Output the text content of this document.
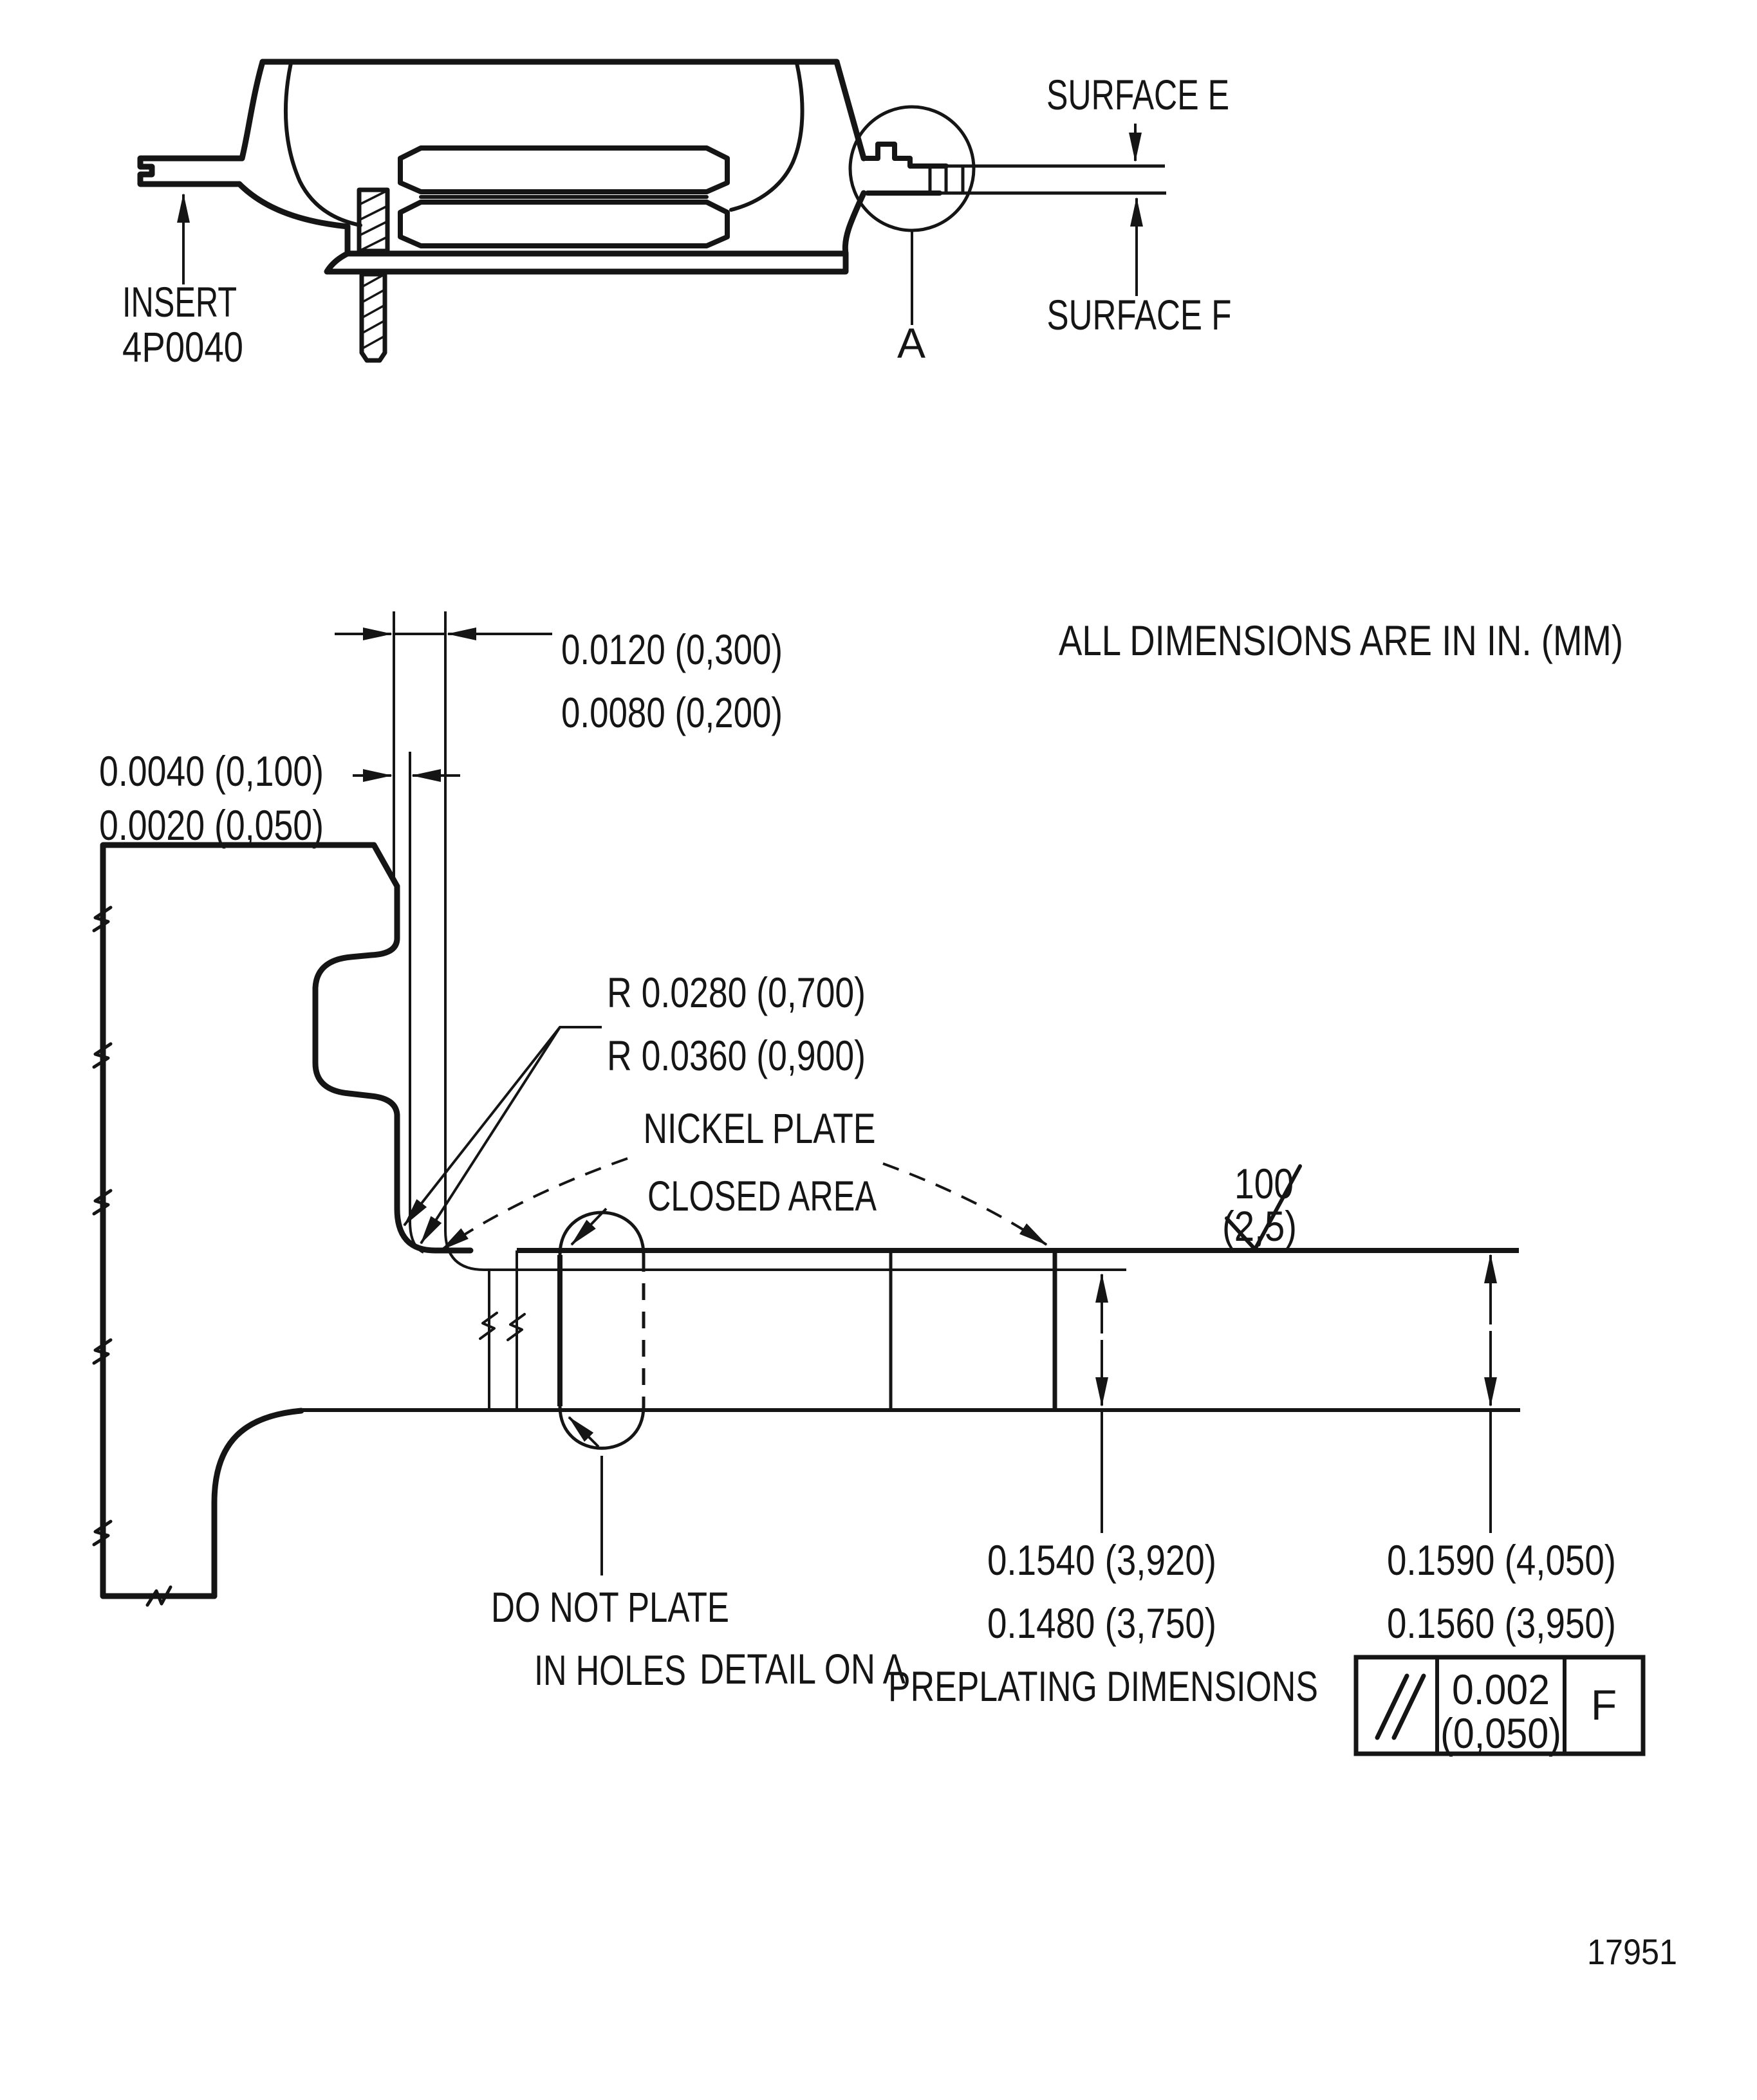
A
INSERT
4P0040
SURFACE E
SURFACE F
ALL DIMENSIONS ARE IN IN. (MM)
0.0120 (0,300)
0.0080 (0,200)
0.0040 (0,100)
0.0020 (0,050)
R 0.0280 (0,700)
R 0.0360 (0,900)
NICKEL PLATE
CLOSED AREA	100
(2,5)
0.1540 (3,920)
0.1480 (3,750)
PREPLATING DIMENSIONS
0.1590 (4,050)
0.1560 (3,950)
DO NOT PLATE
IN HOLES	0.002
(0,050)
F
DETAIL ON A
17951
